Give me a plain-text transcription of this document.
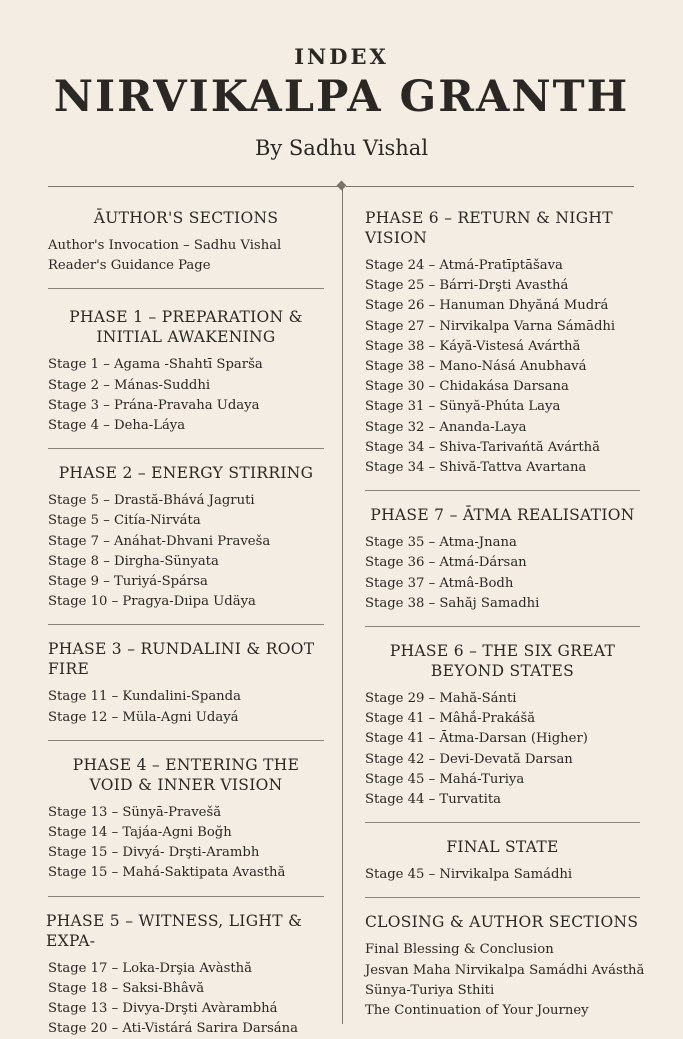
INDEX
NIRVIKALPA GRANTH
By Sadhu Vishal
ĀUTHOR'S SECTIONS
Author's Invocation – Sadhu Vishal
Reader's Guidance Page
PHASE 1 – PREPARATION & INITIAL AWAKENING
Stage 1 – Agama -Shahtī Sparša
Stage 2 – Mánas-Suddhi
Stage 3 – Prána-Pravaha Udaya
Stage 4 – Deha-Láya
PHASE 2 – ENERGY STIRRING
Stage 5 – Drastă-Bhává Jagruti
Stage 5 – Citía-Nirváta
Stage 7 – Anáhat-Dhvani Praveša
Stage 8 – Dirgha-Sünyata
Stage 9 – Turiyá-Spársa
Stage 10 – Pragya-Dıipa Udäya
PHASE 3 – RUNDALINI & ROOT FIRE
Stage 11 – Kundalini-Spanda
Stage 12 – Müla-Agni Udayá
PHASE 4 – ENTERING THE VOID & INNER VISION
Stage 13 – Sünyā-Pravešă
Stage 14 – Tajáa-Agni Boğh
Stage 15 – Divyá- Drşti-Arambh
Stage 15 – Mahá-Saktipata Avasthă
PHASE 5 – WITNESS, LIGHT & EXPA-
Stage 17 – Loka-Drşia Avàsthă
Stage 18 – Saksi-Bhâvă
Stage 13 – Divya-Drşti Avàrambhá
Stage 20 – Ati-Vistárá Sarira Darsána
PHASE 6 – RETURN & NIGHT VISION
Stage 24 – Atmá-Pratīptāšava
Stage 25 – Bárri-Drşti Avasthá
Stage 26 – Hanuman Dhyăná Mudrá
Stage 27 – Nirvikalpa Varna Sámādhi
Stage 38 – Káyă-Vistesá Avárthă
Stage 38 – Mano-Násá Anubhavá
Stage 30 – Chidakása Darsana
Stage 31 – Sünyă-Phúta Laya
Stage 32 – Ananda-Laya
Stage 34 – Shiva-Tarivańtă Avárthă
Stage 34 – Shivă-Tattva Avartana
PHASE 7 – ĀTMA REALISATION
Stage 35 – Atma-Jnana
Stage 36 – Atmá-Dársan
Stage 37 – Atmâ-Bodh
Stage 38 – Sahăj Samadhi
PHASE 6 – THE SIX GREAT BEYOND STATES
Stage 29 – Mahă-Sánti
Stage 41 – Mâhắ-Prakášă
Stage 41 – Ātma-Darsan (Higher)
Stage 42 – Devi-Devată Darsan
Stage 45 – Mahá-Turiya
Stage 44 – Turvatita
FINAL STATE
Stage 45 – Nirvikalpa Samádhi
CLOSING & AUTHOR SECTIONS
Final Blessing & Conclusion
Jesvan Maha Nirvikalpa Samádhi Avásthă
Sünya-Turiya Sthiti
The Continuation of Your Journey
